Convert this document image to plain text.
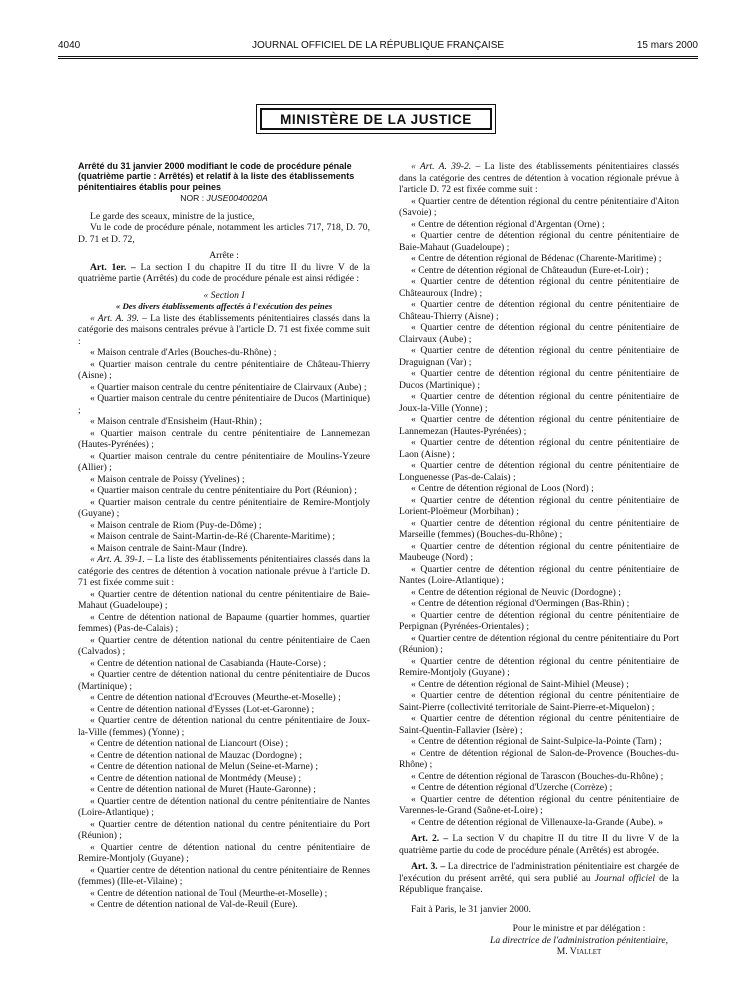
4040	JOURNAL OFFICIEL DE LA RÉPUBLIQUE FRANÇAISE	15 mars 2000
MINISTÈRE DE LA JUSTICE

Arrêté du 31 janvier 2000 modifiant le code de procédure pénale (quatrième partie : Arrêtés) et relatif à la liste des établissements pénitentiaires établis pour peines

NOR : JUSE0040020A

Le garde des sceaux, ministre de la justice,

Vu le code de procédure pénale, notamment les articles 717, 718, D. 70, D. 71 et D. 72,

Arrête :

Art. 1er. – La section I du chapitre II du titre II du livre V de la quatrième partie (Arrêtés) du code de procédure pénale est ainsi rédigée :

« Section I

« Des divers établissements affectés à l'exécution des peines

« Art. A. 39. – La liste des établissements pénitentiaires classés dans la catégorie des maisons centrales prévue à l'article D. 71 est fixée comme suit :

« Maison centrale d'Arles (Bouches-du-Rhône) ;

« Quartier maison centrale du centre pénitentiaire de Château-Thierry (Aisne) ;

« Quartier maison centrale du centre pénitentiaire de Clairvaux (Aube) ;

« Quartier maison centrale du centre pénitentiaire de Ducos (Martinique) ;

« Maison centrale d'Ensisheim (Haut-Rhin) ;

« Quartier maison centrale du centre pénitentiaire de Lannemezan (Hautes-Pyrénées) ;

« Quartier maison centrale du centre pénitentiaire de Moulins-Yzeure (Allier) ;

« Maison centrale de Poissy (Yvelines) ;

« Quartier maison centrale du centre pénitentiaire du Port (Réunion) ;

« Quartier maison centrale du centre pénitentiaire de Remire-Montjoly (Guyane) ;

« Maison centrale de Riom (Puy-de-Dôme) ;

« Maison centrale de Saint-Martin-de-Ré (Charente-Maritime) ;

« Maison centrale de Saint-Maur (Indre).

« Art. A. 39-1. – La liste des établissements pénitentiaires classés dans la catégorie des centres de détention à vocation nationale prévue à l'article D. 71 est fixée comme suit :

« Quartier centre de détention national du centre pénitentiaire de Baie-Mahaut (Guadeloupe) ;

« Centre de détention national de Bapaume (quartier hommes, quartier femmes) (Pas-de-Calais) ;

« Quartier centre de détention national du centre pénitentiaire de Caen (Calvados) ;

« Centre de détention national de Casabianda (Haute-Corse) ;

« Quartier centre de détention national du centre pénitentiaire de Ducos (Martinique) ;

« Centre de détention national d'Ecrouves (Meurthe-et-Moselle) ;

« Centre de détention national d'Eysses (Lot-et-Garonne) ;

« Quartier centre de détention national du centre pénitentiaire de Joux-la-Ville (femmes) (Yonne) ;

« Centre de détention national de Liancourt (Oise) ;

« Centre de détention national de Mauzac (Dordogne) ;

« Centre de détention national de Melun (Seine-et-Marne) ;

« Centre de détention national de Montmédy (Meuse) ;

« Centre de détention national de Muret (Haute-Garonne) ;

« Quartier centre de détention national du centre pénitentiaire de Nantes (Loire-Atlantique) ;

« Quartier centre de détention national du centre pénitentiaire du Port (Réunion) ;

« Quartier centre de détention national du centre pénitentiaire de Remire-Montjoly (Guyane) ;

« Quartier centre de détention national du centre pénitentiaire de Rennes (femmes) (Ille-et-Vilaine) ;

« Centre de détention national de Toul (Meurthe-et-Moselle) ;

« Centre de détention national de Val-de-Reuil (Eure).

« Art. A. 39-2. – La liste des établissements pénitentiaires classés dans la catégorie des centres de détention à vocation régionale prévue à l'article D. 72 est fixée comme suit :

« Quartier centre de détention régional du centre pénitentiaire d'Aiton (Savoie) ;

« Centre de détention régional d'Argentan (Orne) ;

« Quartier centre de détention régional du centre pénitentiaire de Baie-Mahaut (Guadeloupe) ;

« Centre de détention régional de Bédenac (Charente-Maritime) ;

« Centre de détention régional de Châteaudun (Eure-et-Loir) ;

« Quartier centre de détention régional du centre pénitentiaire de Châteauroux (Indre) ;

« Quartier centre de détention régional du centre pénitentiaire de Château-Thierry (Aisne) ;

« Quartier centre de détention régional du centre pénitentiaire de Clairvaux (Aube) ;

« Quartier centre de détention régional du centre pénitentiaire de Draguignan (Var) ;

« Quartier centre de détention régional du centre pénitentiaire de Ducos (Martinique) ;

« Quartier centre de détention régional du centre pénitentiaire de Joux-la-Ville (Yonne) ;

« Quartier centre de détention régional du centre pénitentiaire de Lannemezan (Hautes-Pyrénées) ;

« Quartier centre de détention régional du centre pénitentiaire de Laon (Aisne) ;

« Quartier centre de détention régional du centre pénitentiaire de Longuenesse (Pas-de-Calais) ;

« Centre de détention régional de Loos (Nord) ;

« Quartier centre de détention régional du centre pénitentiaire de Lorient-Ploëmeur (Morbihan) ;

« Quartier centre de détention régional du centre pénitentiaire de Marseille (femmes) (Bouches-du-Rhône) ;

« Quartier centre de détention régional du centre pénitentiaire de Maubeuge (Nord) ;

« Quartier centre de détention régional du centre pénitentiaire de Nantes (Loire-Atlantique) ;

« Centre de détention régional de Neuvic (Dordogne) ;

« Centre de détention régional d'Oermingen (Bas-Rhin) ;

« Quartier centre de détention régional du centre pénitentiaire de Perpignan (Pyrénées-Orientales) ;

« Quartier centre de détention régional du centre pénitentiaire du Port (Réunion) ;

« Quartier centre de détention régional du centre pénitentiaire de Remire-Montjoly (Guyane) ;

« Centre de détention régional de Saint-Mihiel (Meuse) ;

« Quartier centre de détention régional du centre pénitentiaire de Saint-Pierre (collectivité territoriale de Saint-Pierre-et-Miquelon) ;

« Quartier centre de détention régional du centre pénitentiaire de Saint-Quentin-Fallavier (Isère) ;

« Centre de détention régional de Saint-Sulpice-la-Pointe (Tarn) ;

« Centre de détention régional de Salon-de-Provence (Bouches-du-Rhône) ;

« Centre de détention régional de Tarascon (Bouches-du-Rhône) ;

« Centre de détention régional d'Uzerche (Corrèze) ;

« Quartier centre de détention régional du centre pénitentiaire de Varennes-le-Grand (Saône-et-Loire) ;

« Centre de détention régional de Villenauxe-la-Grande (Aube). »

Art. 2. – La section V du chapitre II du titre II du livre V de la quatrième partie du code de procédure pénale (Arrêtés) est abrogée.

Art. 3. – La directrice de l'administration pénitentiaire est chargée de l'exécution du présent arrêté, qui sera publié au Journal officiel de la République française.

Fait à Paris, le 31 janvier 2000.

Pour le ministre et par délégation :

La directrice de l'administration pénitentiaire,

M. Viallet
